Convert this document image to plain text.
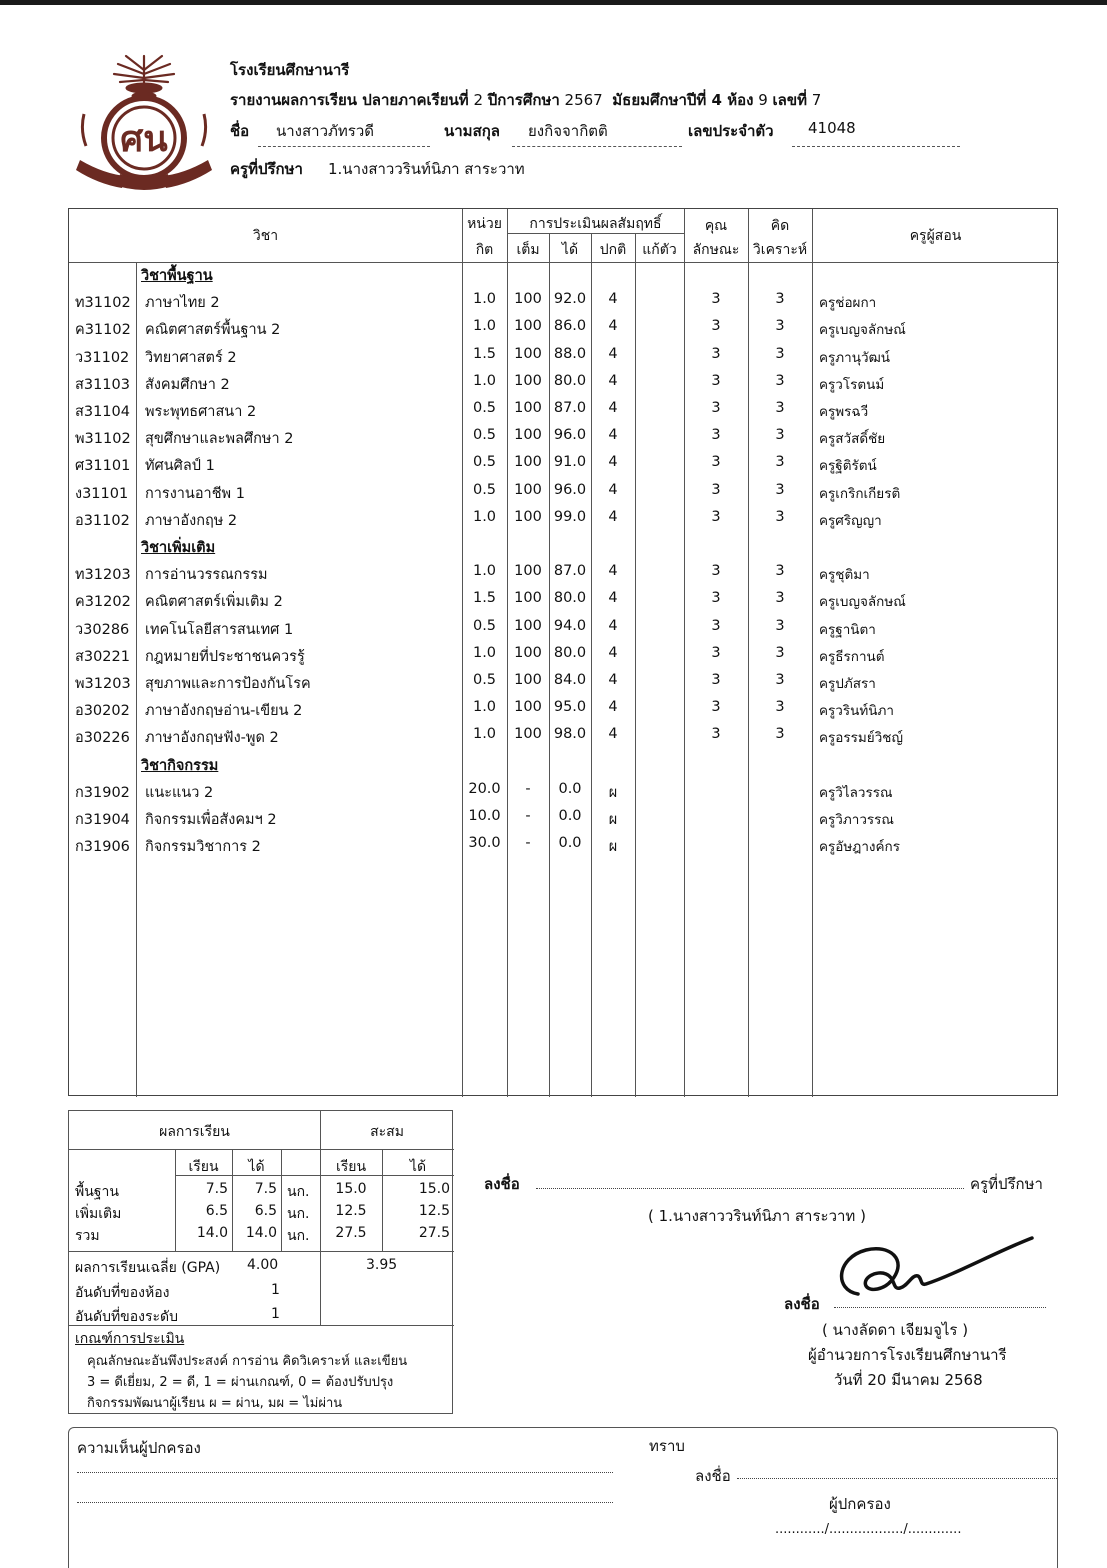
ศน
โรงเรียนศึกษานารี
รายงานผลการเรียน ปลายภาคเรียนที่ 2 ปีการศึกษา 2567 มัธยมศึกษาปีที่ 4 ห้อง 9 เลขที่ 7
ชื่อ นางสาวภัทรวดี	นามสกุล ยงกิจจากิตติ	เลขประจำตัว 41048
ครูที่ปรึกษา 1.นางสาววรินท์นิภา สาระวาท
วิชา
หน่วย
กิต
การประเมินผลสัมฤทธิ์
เต็ม	ได้	ปกติ	แก้ตัว
คุณ
ลักษณะ
คิด
วิเคราะห์
ครูผู้สอน
วิชาพื้นฐาน
ท31102 ภาษาไทย 2	1.0	100 92.0	4	3	3	ครูช่อผกา
ค31102 คณิตศาสตร์พื้นฐาน 2	1.0	100 86.0	4	3	3	ครูเบญจลักษณ์
ว31102 วิทยาศาสตร์ 2	1.5	100 88.0	4	3	3	ครูภานุวัฒน์
ส31103 สังคมศึกษา 2	1.0	100 80.0	4	3	3	ครูวโรตนม์
ส31104 พระพุทธศาสนา 2	0.5	100 87.0	4	3	3	ครูพรฉวี
พ31102 สุขศึกษาและพลศึกษา 2	0.5	100 96.0	4	3	3	ครูสวัสดิ์ชัย
ศ31101 ทัศนศิลป์ 1	0.5	100 91.0	4	3	3	ครูฐิติรัตน์
ง31101 การงานอาชีพ 1	0.5	100 96.0	4	3	3	ครูเกริกเกียรติ
อ31102 ภาษาอังกฤษ 2	1.0	100 99.0	4	3	3	ครูศริญญา
วิชาเพิ่มเติม
ท31203 การอ่านวรรณกรรม	1.0	100 87.0	4	3	3	ครูชุติมา
ค31202 คณิตศาสตร์เพิ่มเติม 2	1.5	100 80.0	4	3	3	ครูเบญจลักษณ์
ว30286 เทคโนโลยีสารสนเทศ 1	0.5	100 94.0	4	3	3	ครูฐานิตา
ส30221 กฎหมายที่ประชาชนควรรู้	1.0	100 80.0	4	3	3	ครูธีรกานต์
พ31203 สุขภาพและการป้องกันโรค	0.5	100 84.0	4	3	3	ครูปภัสรา
อ30202 ภาษาอังกฤษอ่าน-เขียน 2	1.0	100 95.0	4	3	3	ครูวรินท์นิภา
อ30226 ภาษาอังกฤษฟัง-พูด 2	1.0	100 98.0	4	3	3	ครูอรรมย์วิชญ์
วิชากิจกรรม
ก31902 แนะแนว 2	20.0	-	0.0	ผ	ครูวิไลวรรณ
ก31904 กิจกรรมเพื่อสังคมฯ 2	10.0	-	0.0	ผ	ครูวิภาวรรณ
ก31906 กิจกรรมวิชาการ 2	30.0	-	0.0	ผ	ครูอัษฎางค์กร
ผลการเรียน	สะสม
เรียน	ได้	เรียน	ได้
พื้นฐาน	7.5	7.5 นก.	15.0	15.0
เพิ่มเติม	6.5	6.5 นก.	12.5	12.5
รวม	14.0	14.0 นก.	27.5	27.5
ผลการเรียนเฉลี่ย (GPA) 4.00	3.95
อันดับที่ของห้อง	1
อันดับที่ของระดับ	1
เกณฑ์การประเมิน
คุณลักษณะอันพึงประสงค์ การอ่าน คิดวิเคราะห์ และเขียน
3 = ดีเยี่ยม, 2 = ดี, 1 = ผ่านเกณฑ์, 0 = ต้องปรับปรุง
กิจกรรมพัฒนาผู้เรียน ผ = ผ่าน, มผ = ไม่ผ่าน
ลงชื่อ	ครูที่ปรึกษา
( 1.นางสาววรินท์นิภา สาระวาท )
ลงชื่อ
( นางลัดดา เจียมจูไร )
ผู้อำนวยการโรงเรียนศึกษานารี
วันที่ 20 มีนาคม 2568
ความเห็นผู้ปกครอง	ทราบ
ลงชื่อ
ผู้ปกครอง
............/................../.............
